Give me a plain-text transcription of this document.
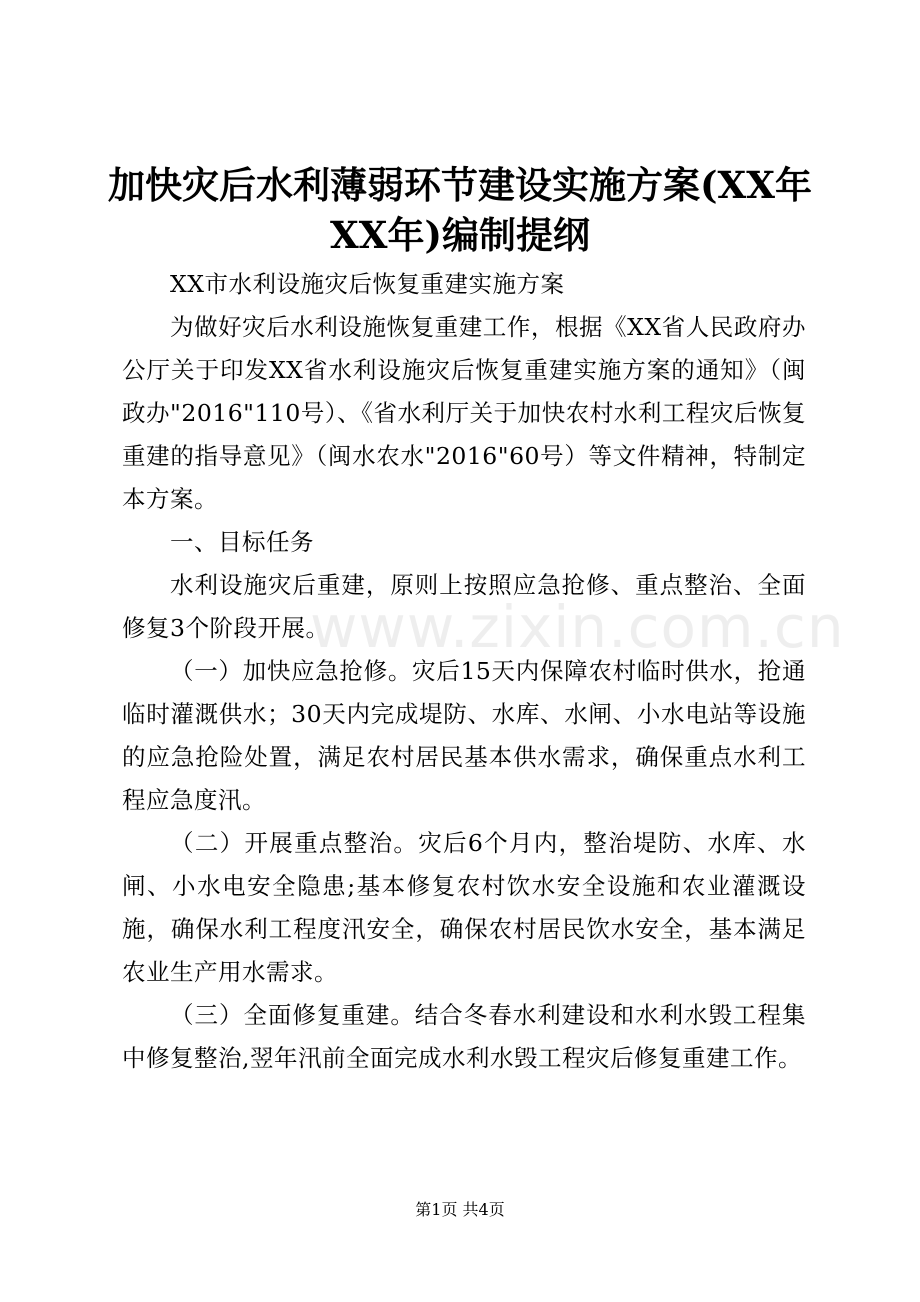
加快灾后水利薄弱环节建设实施方案(XX年XX年)编制提纲

XX市水利设施灾后恢复重建实施方案

为做好灾后水利设施恢复重建工作，根据《XX省人民政府办公厅关于印发XX省水利设施灾后恢复重建实施方案的通知》（闽政办"2016"110号）、《省水利厅关于加快农村水利工程灾后恢复重建的指导意见》（闽水农水"2016"60号）等文件精神，特制定本方案。

一、目标任务

水利设施灾后重建，原则上按照应急抢修、重点整治、全面修复3个阶段开展。

（一）加快应急抢修。灾后15天内保障农村临时供水，抢通临时灌溉供水；30天内完成堤防、水库、水闸、小水电站等设施的应急抢险处置，满足农村居民基本供水需求，确保重点水利工程应急度汛。

（二）开展重点整治。灾后6个月内，整治堤防、水库、水闸、小水电安全隐患;基本修复农村饮水安全设施和农业灌溉设施，确保水利工程度汛安全，确保农村居民饮水安全，基本满足农业生产用水需求。

（三）全面修复重建。结合冬春水利建设和水利水毁工程集中修复整治,翌年汛前全面完成水利水毁工程灾后修复重建工作。

www.zixin.com.cn
第1页 共4页
